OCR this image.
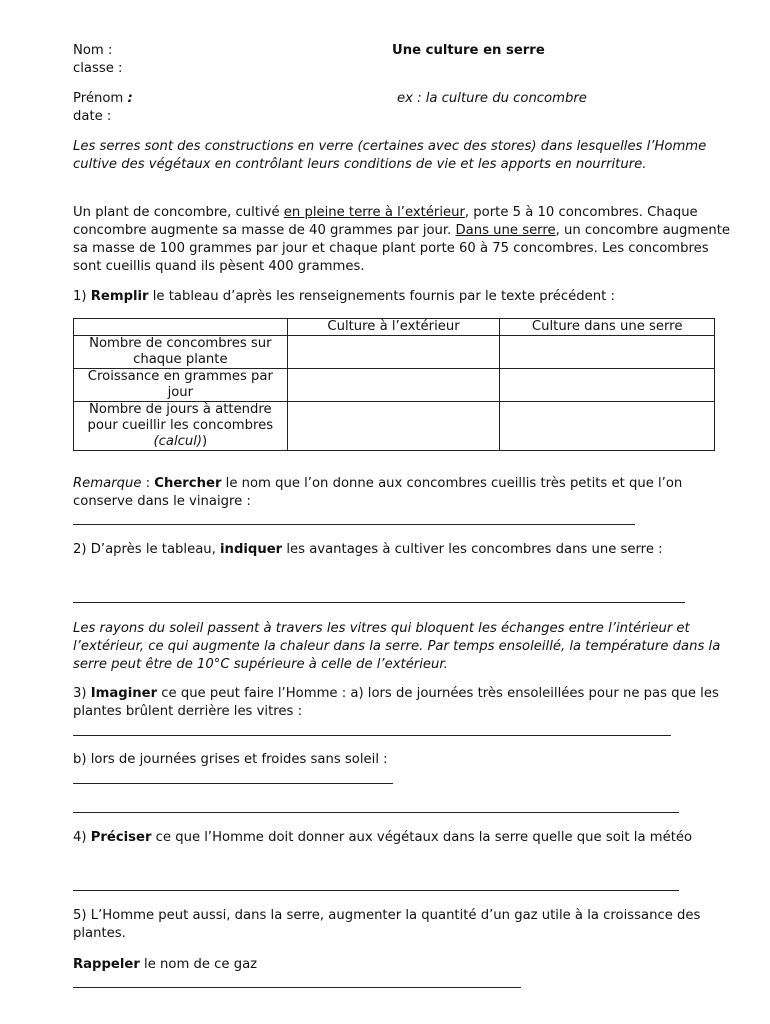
Nom :

classe :

Une culture en serre

Prénom :

date :

ex : la culture du concombre

Les serres sont des constructions en verre (certaines avec des stores) dans lesquelles l’Homme cultive des végétaux en contrôlant leurs conditions de vie et les apports en nourriture.

Un plant de concombre, cultivé en pleine terre à l’extérieur, porte 5 à 10 concombres. Chaque concombre augmente sa masse de 40 grammes par jour. Dans une serre, un concombre augmente sa masse de 100 grammes par jour et chaque plant porte 60 à 75 concombres. Les concombres sont cueillis quand ils pèsent 400 grammes.

1) Remplir le tableau d’après les renseignements fournis par le texte précédent :

	Culture à l’extérieur	Culture dans une serre
Nombre de concombres sur chaque plante		
Croissance en grammes par jour		
Nombre de jours à attendre pour cueillir les concombres (calcul))		

Remarque : Chercher le nom que l’on donne aux concombres cueillis très petits et que l’on conserve dans le vinaigre :

2) D’après le tableau, indiquer les avantages à cultiver les concombres dans une serre :

Les rayons du soleil passent à travers les vitres qui bloquent les échanges entre l’intérieur et l’extérieur, ce qui augmente la chaleur dans la serre. Par temps ensoleillé, la température dans la serre peut être de 10°C supérieure à celle de l’extérieur.

3) Imaginer ce que peut faire l’Homme : a) lors de journées très ensoleillées pour ne pas que les plantes brûlent derrière les vitres :

b) lors de journées grises et froides sans soleil :

4) Préciser ce que l’Homme doit donner aux végétaux dans la serre quelle que soit la météo

5) L’Homme peut aussi, dans la serre, augmenter la quantité d’un gaz utile à la croissance des plantes.

Rappeler le nom de ce gaz
